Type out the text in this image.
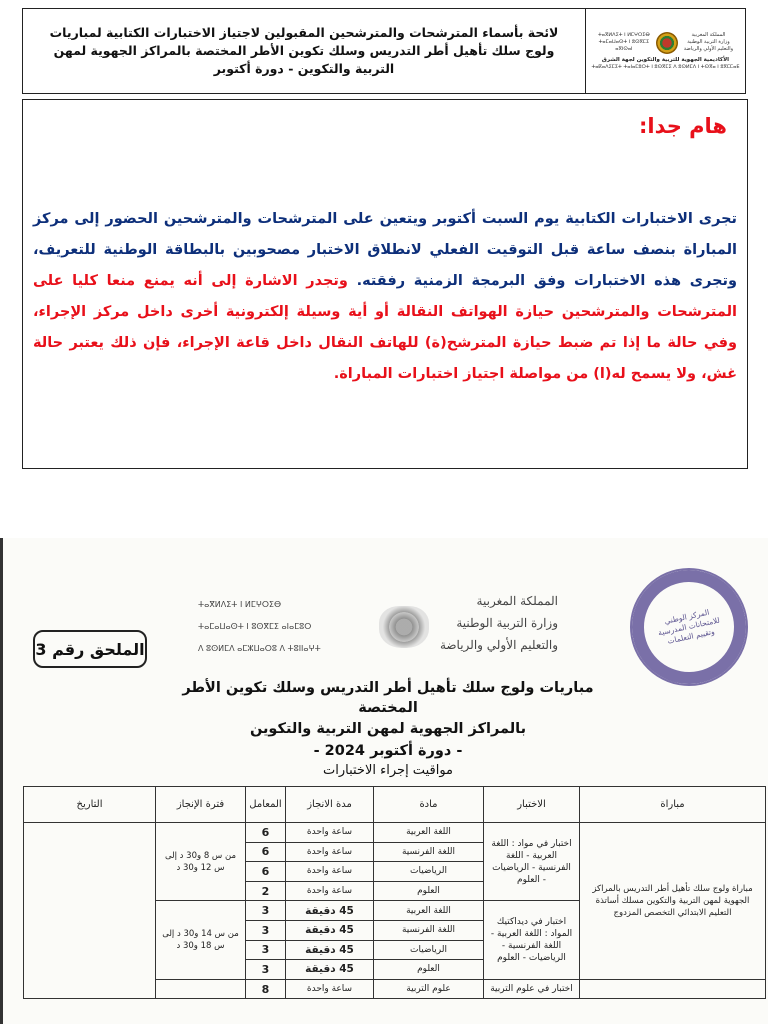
المملكة المغربية
وزارة التربية الوطنية
والتعليم الأولي والرياضة
ⵜⴰⴳⵍⴷⵉⵜ ⵏ ⵍⵎⵖⵔⵉⴱ
ⵜⴰⵎⴰⵡⴰⵙⵜ ⵏ ⵓⵙⴳⵎⵉ
ⴰⴳⵏⵙⴰⵏ
الأكاديمية الجهوية للتربية والتكوين لجهة الشرق
ⵜⴰⴽⴰⴷⵉⵎⵉⵜ ⵜⴰⵏⴰⵎⵓⵔⵜ ⵏ ⵓⵙⴳⵎⵉ ⴷ ⵓⵙⵍⵎⴷ ⵏ ⵜⵙⴳⴰ ⵏ ⵓⴳⵎⵎⴰⴹ
لائحة بأسماء المترشحات والمترشحين المقبولين لاجتياز الاختبارات الكتابية لمباريات ولوج سلك تأهيل أطر التدريس وسلك تكوين الأطر المختصة بالمراكز الجهوية لمهن التربية والتكوين - دورة أكتوبر
هام جدا:
تجرى الاختبارات الكتابية يوم السبت أكتوبر ويتعين على المترشحات والمترشحين الحضور إلى مركز المباراة بنصف ساعة قبل التوقيت الفعلي لانطلاق الاختبار مصحوبين بالبطاقة الوطنية للتعريف، وتجرى هذه الاختبارات وفق البرمجة الزمنية رفقته. وتجدر الاشارة إلى أنه يمنع منعا كليا على المترشحات والمترشحين حيازة الهواتف النقالة أو أية وسيلة إلكترونية أخرى داخل مركز الإجراء، وفي حالة ما إذا تم ضبط حيازة المترشح(ة) للهاتف النقال داخل قاعة الإجراء، فإن ذلك يعتبر حالة غش، ولا يسمح له(ا) من مواصلة اجتياز اختبارات المباراة.
المملكة المغربية
وزارة التربية الوطنية
والتعليم الأولي والرياضة
ⵜⴰⴳⵍⴷⵉⵜ ⵏ ⵍⵎⵖⵔⵉⴱ
ⵜⴰⵎⴰⵡⴰⵙⵜ ⵏ ⵓⵙⴳⵎⵉ ⴰⵏⴰⵎⵓⵔ
ⴷ ⵓⵙⵍⵎⴷ ⴰⵎⵣⵡⴰⵔⵓ ⴷ ⵜⵓⵏⵏⴰⵖⵜ
المركز الوطني للامتحانات المدرسية وتقييم التعلمات
الملحق رقم 3
مباريات ولوج سلك تأهيل أطر التدريس وسلك تكوين الأطر المختصة
بالمراكز الجهوية لمهن التربية والتكوين
- دورة أكتوبر 2024 -
مواقيت إجراء الاختبارات
مباراة	الاختبار	مادة	مدة الانجاز	المعامل	فترة الإنجاز	التاريخ
مباراة ولوج سلك تأهيل أطر التدريس بالمراكز الجهوية لمهن التربية والتكوين مسلك أساتذة التعليم الابتدائي التخصص المزدوج	اختبار في مواد : اللغة العربية - اللغة الفرنسية - الرياضيات - العلوم	اللغة العربية	ساعة واحدة	6	من س 8 و30 د إلى س 12 و30 د	
		اللغة الفرنسية	ساعة واحدة	6		
		الرياضيات	ساعة واحدة	6		
		العلوم	ساعة واحدة	2		
	اختبار في ديداكتيك المواد : اللغة العربية - اللغة الفرنسية - الرياضيات - العلوم	اللغة العربية	45 دقيقة	3	من س 14 و30 د إلى س 18 و30 د	
		اللغة الفرنسية	45 دقيقة	3		
		الرياضيات	45 دقيقة	3		
		العلوم	45 دقيقة	3		
	اختبار في علوم التربية	علوم التربية	ساعة واحدة	8		
